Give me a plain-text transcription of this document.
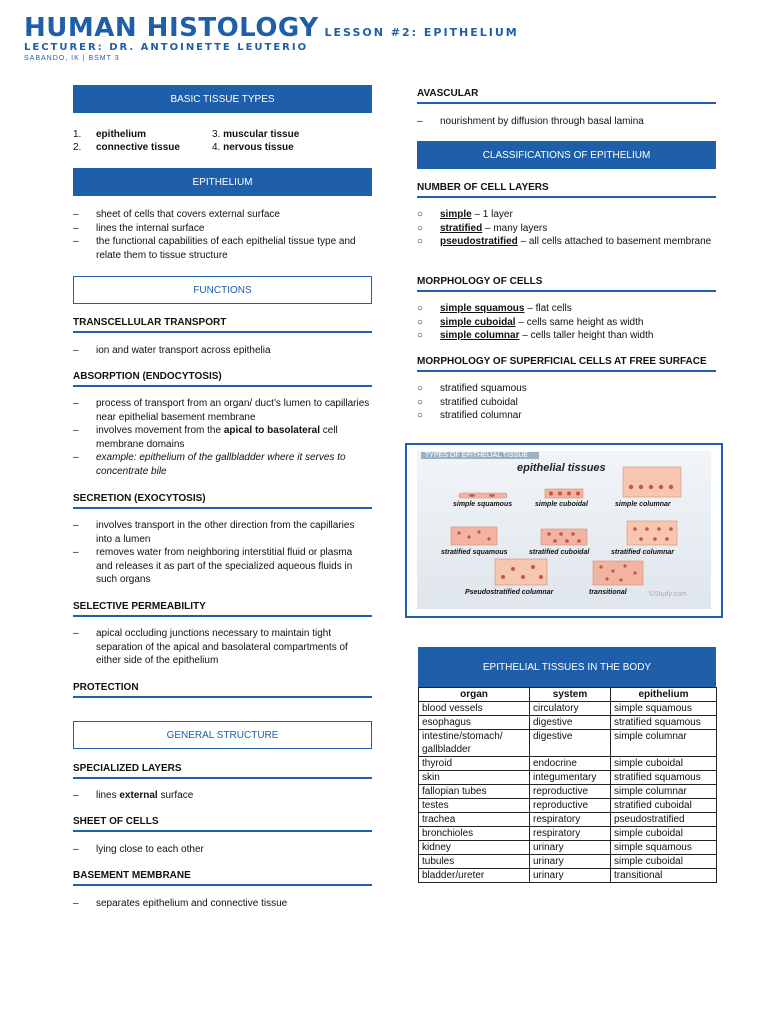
HUMAN HISTOLOGY LESSON #2: EPITHELIUM
LECTURER: DR. ANTOINETTE LEUTERIO
SABANDO, IK | BSMT 3
BASIC TISSUE TYPES
1. epithelium
2. connective tissue
3. muscular tissue
4. nervous tissue
EPITHELIUM
– sheet of cells that covers external surface
– lines the internal surface
– the functional capabilities of each epithelial tissue type and relate them to tissue structure
FUNCTIONS
TRANSCELLULAR TRANSPORT
– ion and water transport across epithelia
ABSORPTION (ENDOCYTOSIS)
– process of transport from an organ/ duct’s lumen to capillaries near epithelial basement membrane
– involves movement from the apical to basolateral cell membrane domains
– example: epithelium of the gallbladder where it serves to concentrate bile
SECRETION (EXOCYTOSIS)
– involves transport in the other direction from the capillaries into a lumen
– removes water from neighboring interstitial fluid or plasma and releases it as part of the specialized aqueous fluids in such organs
SELECTIVE PERMEABILITY
– apical occluding junctions necessary to maintain tight separation of the apical and basolateral compartments of either side of the epithelium
PROTECTION
GENERAL STRUCTURE
SPECIALIZED LAYERS
– lines external surface
SHEET OF CELLS
– lying close to each other
BASEMENT MEMBRANE
– separates epithelium and connective tissue
AVASCULAR
– nourishment by diffusion through basal lamina
CLASSIFICATIONS OF EPITHELIUM
NUMBER OF CELL LAYERS
○ simple – 1 layer
○ stratified – many layers
○ pseudostratified – all cells attached to basement membrane
MORPHOLOGY OF CELLS
○ simple squamous – flat cells
○ simple cuboidal – cells same height as width
○ simple columnar – cells taller height than width
MORPHOLOGY OF SUPERFICIAL CELLS AT FREE SURFACE
○ stratified squamous
○ stratified cuboidal
○ stratified columnar
TYPES OF EPITHELIAL TISSUE
epithelial tissues
simple squamous	simple cuboidal	simple columnar
stratified squamous	stratified cuboidal	stratified columnar
Pseudostratified columnar	transitional	©Study.com
EPITHELIAL TISSUES IN THE BODY
organ	system	epithelium
blood vessels	circulatory	simple squamous
esophagus	digestive	stratified squamous
intestine/stomach/ gallbladder	digestive	simple columnar
thyroid	endocrine	simple cuboidal
skin	integumentary	stratified squamous
fallopian tubes	reproductive	simple columnar
testes	reproductive	stratified cuboidal
trachea	respiratory	pseudostratified
bronchioles	respiratory	simple cuboidal
kidney	urinary	simple squamous
tubules	urinary	simple cuboidal
bladder/ureter	urinary	transitional
